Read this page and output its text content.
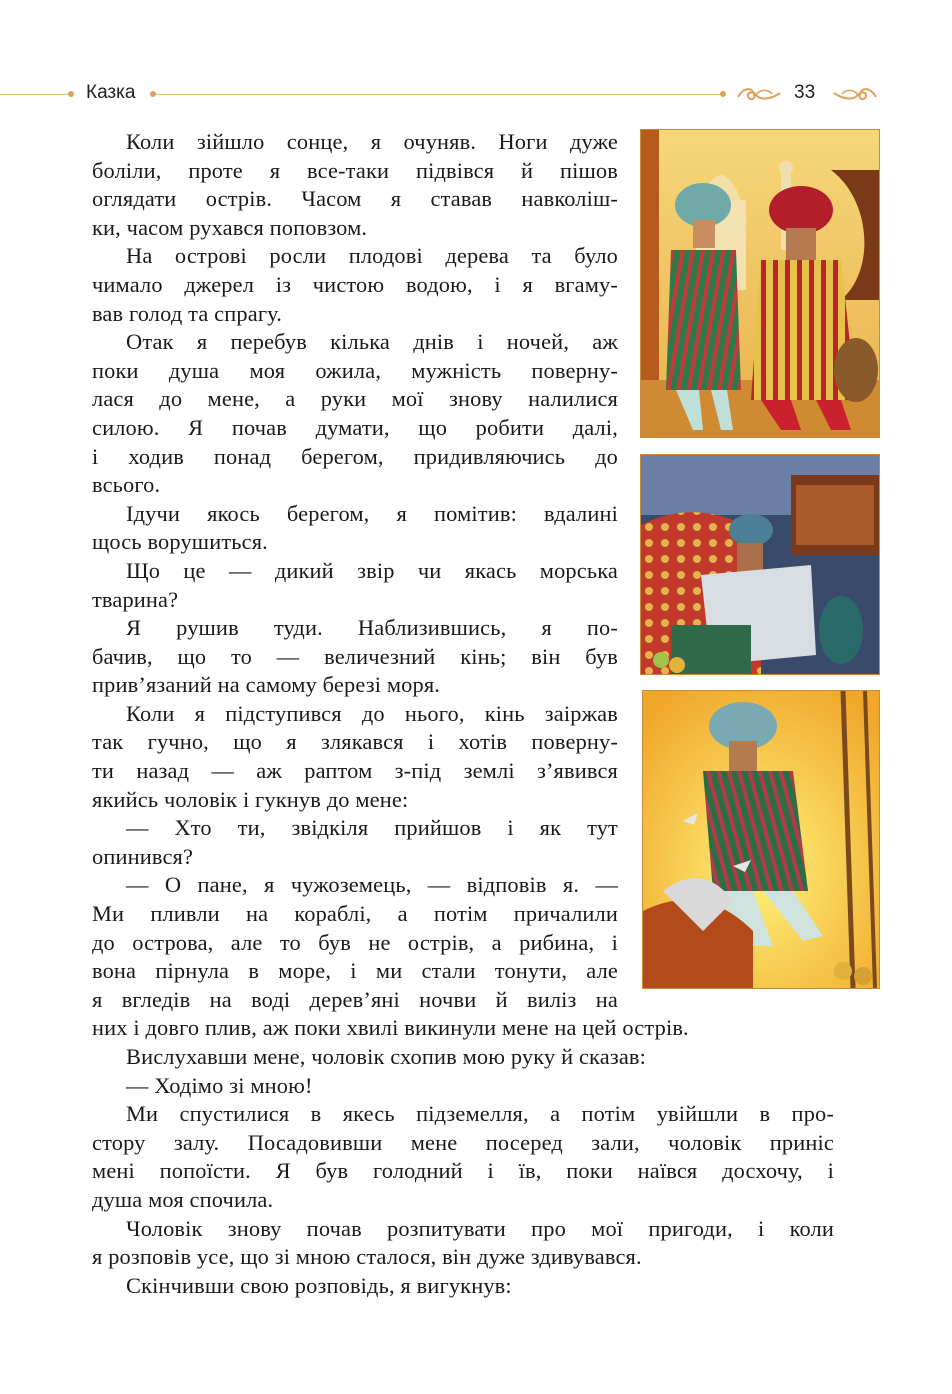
Казка	33
Коли зійшло сонце, я очуняв. Ноги дуже
боліли, проте я все-таки підвівся й пішов
оглядати острів. Часом я ставав навколіш-
ки, часом рухався поповзом.
На острові росли плодові дерева та було
чимало джерел із чистою водою, і я вгаму-
вав голод та спрагу.
Отак я перебув кілька днів і ночей, аж
поки душа моя ожила, мужність поверну-
лася до мене, а руки мої знову налилися
силою. Я почав думати, що робити далі,
і ходив понад берегом, придивляючись до
всього.
Ідучи якось берегом, я помітив: вдалині
щось ворушиться.
Що це — дикий звір чи якась морська
тварина?
Я рушив туди. Наблизившись, я по-
бачив, що то — величезний кінь; він був
прив’язаний на самому березі моря.
Коли я підступився до нього, кінь заіржав
так гучно, що я злякався і хотів поверну-
ти назад — аж раптом з-під землі з’явився
якийсь чоловік і гукнув до мене:
— Хто ти, звідкіля прийшов і як тут
опинився?
— О пане, я чужоземець, — відповів я. —
Ми пливли на кораблі, а потім причалили
до острова, але то був не острів, а рибина, і
вона пірнула в море, і ми стали тонути, але
я вгледів на воді дерев’яні ночви й виліз на
них і довго плив, аж поки хвилі викинули мене на цей острів.
Вислухавши мене, чоловік схопив мою руку й сказав:
— Ходімо зі мною!
Ми спустилися в якесь підземелля, а потім увійшли в про-
стору залу. Посадовивши мене посеред зали, чоловік приніс
мені попоїсти. Я був голодний і їв, поки наївся досхочу, і
душа моя спочила.
Чоловік знову почав розпитувати про мої пригоди, і коли
я розповів усе, що зі мною сталося, він дуже здивувався.
Скінчивши свою розповідь, я вигукнув:
